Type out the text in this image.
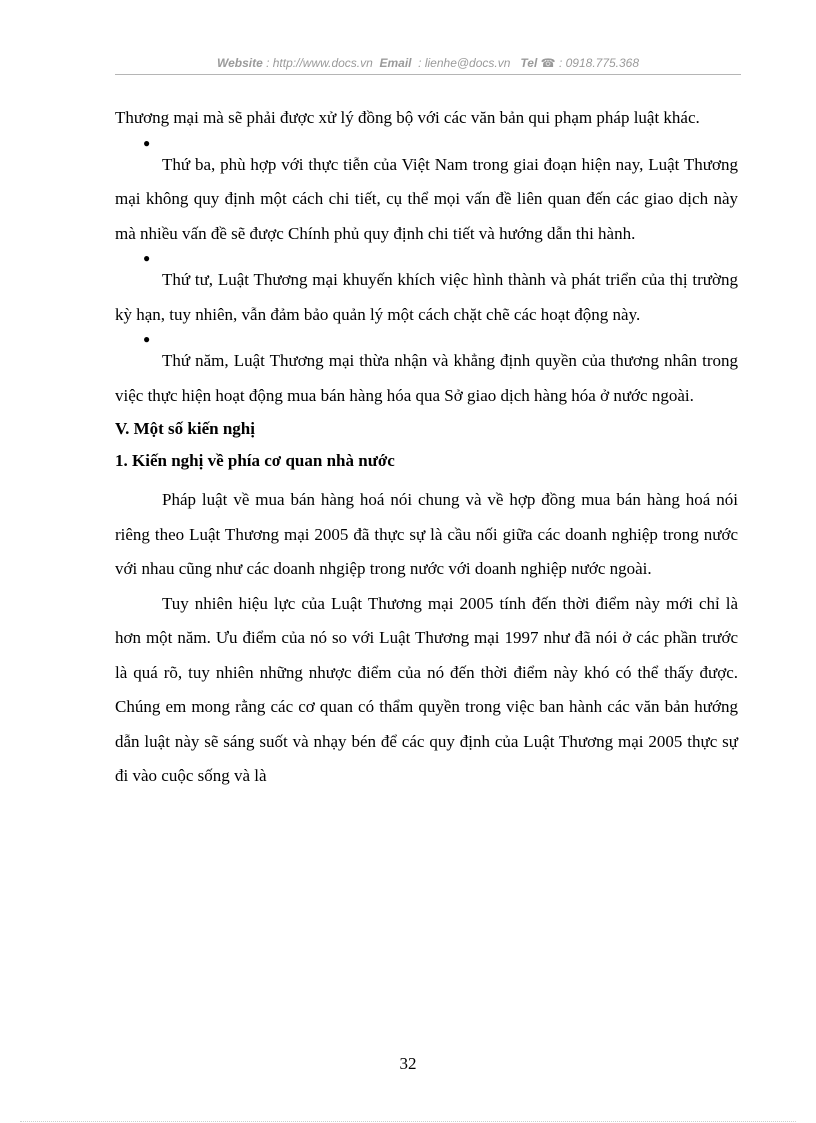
Website : http://www.docs.vn Email : lienhe@docs.vn Tel ☎ : 0918.775.368

Thương mại mà sẽ phải được xử lý đồng bộ với các văn bản qui phạm pháp luật khác.

●

Thứ ba, phù hợp với thực tiễn của Việt Nam trong giai đoạn hiện nay, Luật Thương mại không quy định một cách chi tiết, cụ thể mọi vấn đề liên quan đến các giao dịch này mà nhiều vấn đề sẽ được Chính phủ quy định chi tiết và hướng dẫn thi hành.

●

Thứ tư, Luật Thương mại khuyến khích việc hình thành và phát triển của thị trường kỳ hạn, tuy nhiên, vẫn đảm bảo quản lý một cách chặt chẽ các hoạt động này.

●

Thứ năm, Luật Thương mại thừa nhận và khẳng định quyền của thương nhân trong việc thực hiện hoạt động mua bán hàng hóa qua Sở giao dịch hàng hóa ở nước ngoài.

V. Một số kiến nghị

1. Kiến nghị về phía cơ quan nhà nước

Pháp luật về mua bán hàng hoá nói chung và về hợp đồng mua bán hàng hoá nói riêng theo Luật Thương mại 2005 đã thực sự là cầu nối giữa các doanh nghiệp trong nước với nhau cũng như các doanh nhgiệp trong nước với doanh nghiệp nước ngoài.

Tuy nhiên hiệu lực của Luật Thương mại 2005 tính đến thời điểm này mới chỉ là hơn một năm. Ưu điểm của nó so với Luật Thương mại 1997 như đã nói ở các phần trước là quá rõ, tuy nhiên những nhược điểm của nó đến thời điểm này khó có thể thấy được. Chúng em mong rằng các cơ quan có thẩm quyền trong việc ban hành các văn bản hướng dẫn luật này sẽ sáng suốt và nhạy bén để các quy định của Luật Thương mại 2005 thực sự đi vào cuộc sống và là

32
